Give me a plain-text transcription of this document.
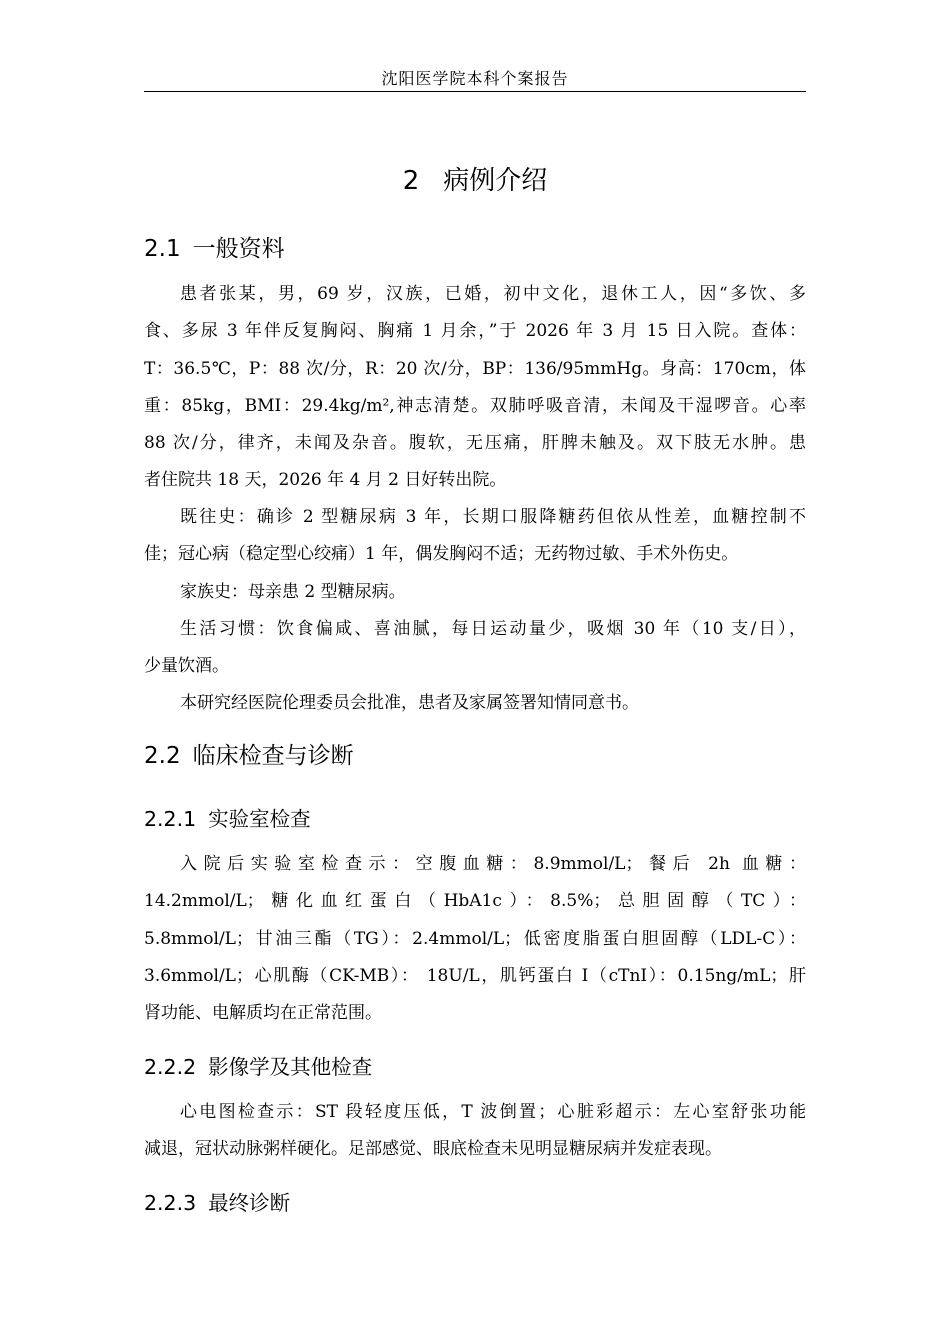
沈阳医学院本科个案报告
2 病例介绍
2.1 一般资料
患者张某，男，69 岁，汉族，已婚，初中文化，退休工人，因“多饮、多
食、多尿 3 年伴反复胸闷、胸痛 1 月余，”于 2026 年 3 月 15 日入院。查体：
T：36.5℃，P：88 次/分，R：20 次/分，BP：136/95mmHg。身高：170cm，体
重：85kg，BMI：29.4kg/m²,神志清楚。双肺呼吸音清，未闻及干湿啰音。心率
88 次/分，律齐，未闻及杂音。腹软，无压痛，肝脾未触及。双下肢无水肿。患
者住院共 18 天，2026 年 4 月 2 日好转出院。
既往史：确诊 2 型糖尿病 3 年，长期口服降糖药但依从性差，血糖控制不
佳；冠心病（稳定型心绞痛）1 年，偶发胸闷不适；无药物过敏、手术外伤史。
家族史：母亲患 2 型糖尿病。
生活习惯：饮食偏咸、喜油腻，每日运动量少，吸烟 30 年（10 支/日），
少量饮酒。
本研究经医院伦理委员会批准，患者及家属签署知情同意书。
2.2 临床检查与诊断
2.2.1 实验室检查
入院后实验室检查示：空腹血糖：8.9mmol/L；餐后 2h 血糖：
14.2mmol/L；糖化血红蛋白（HbA1c）：8.5%；总胆固醇（TC）：
5.8mmol/L；甘油三酯（TG）：2.4mmol/L；低密度脂蛋白胆固醇（LDL-C）：
3.6mmol/L；心肌酶（CK-MB）： 18U/L，肌钙蛋白 I（cTnI）：0.15ng/mL；肝
肾功能、电解质均在正常范围。
2.2.2 影像学及其他检查
心电图检查示：ST 段轻度压低，T 波倒置；心脏彩超示：左心室舒张功能
减退，冠状动脉粥样硬化。足部感觉、眼底检查未见明显糖尿病并发症表现。
2.2.3 最终诊断
